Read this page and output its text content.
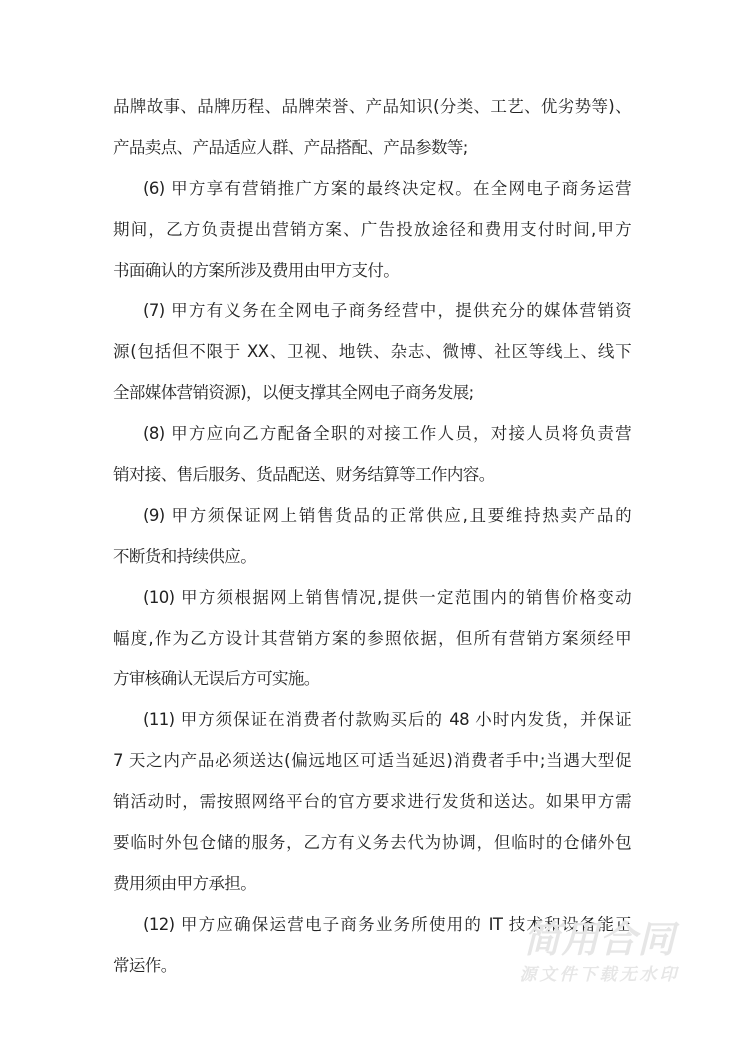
品牌故事、品牌历程、品牌荣誉、产品知识(分类、工艺、优劣势等)、
产品卖点、产品适应人群、产品搭配、产品参数等;
(6) 甲方享有营销推广方案的最终决定权。在全网电子商务运营
期间，乙方负责提出营销方案、广告投放途径和费用支付时间,甲方
书面确认的方案所涉及费用由甲方支付。
(7) 甲方有义务在全网电子商务经营中，提供充分的媒体营销资
源(包括但不限于 XX、卫视、地铁、杂志、微博、社区等线上、线下
全部媒体营销资源)，以便支撑其全网电子商务发展;
(8) 甲方应向乙方配备全职的对接工作人员，对接人员将负责营
销对接、售后服务、货品配送、财务结算等工作内容。
(9) 甲方须保证网上销售货品的正常供应,且要维持热卖产品的
不断货和持续供应。
(10) 甲方须根据网上销售情况,提供一定范围内的销售价格变动
幅度,作为乙方设计其营销方案的参照依据，但所有营销方案须经甲
方审核确认无误后方可实施。
(11) 甲方须保证在消费者付款购买后的 48 小时内发货，并保证
7 天之内产品必须送达(偏远地区可适当延迟)消费者手中;当遇大型促
销活动时，需按照网络平台的官方要求进行发货和送达。如果甲方需
要临时外包仓储的服务，乙方有义务去代为协调，但临时的仓储外包
费用须由甲方承担。
(12) 甲方应确保运营电子商务业务所使用的 IT 技术和设备能正
常运作。
简用合同
源文件下载无水印
